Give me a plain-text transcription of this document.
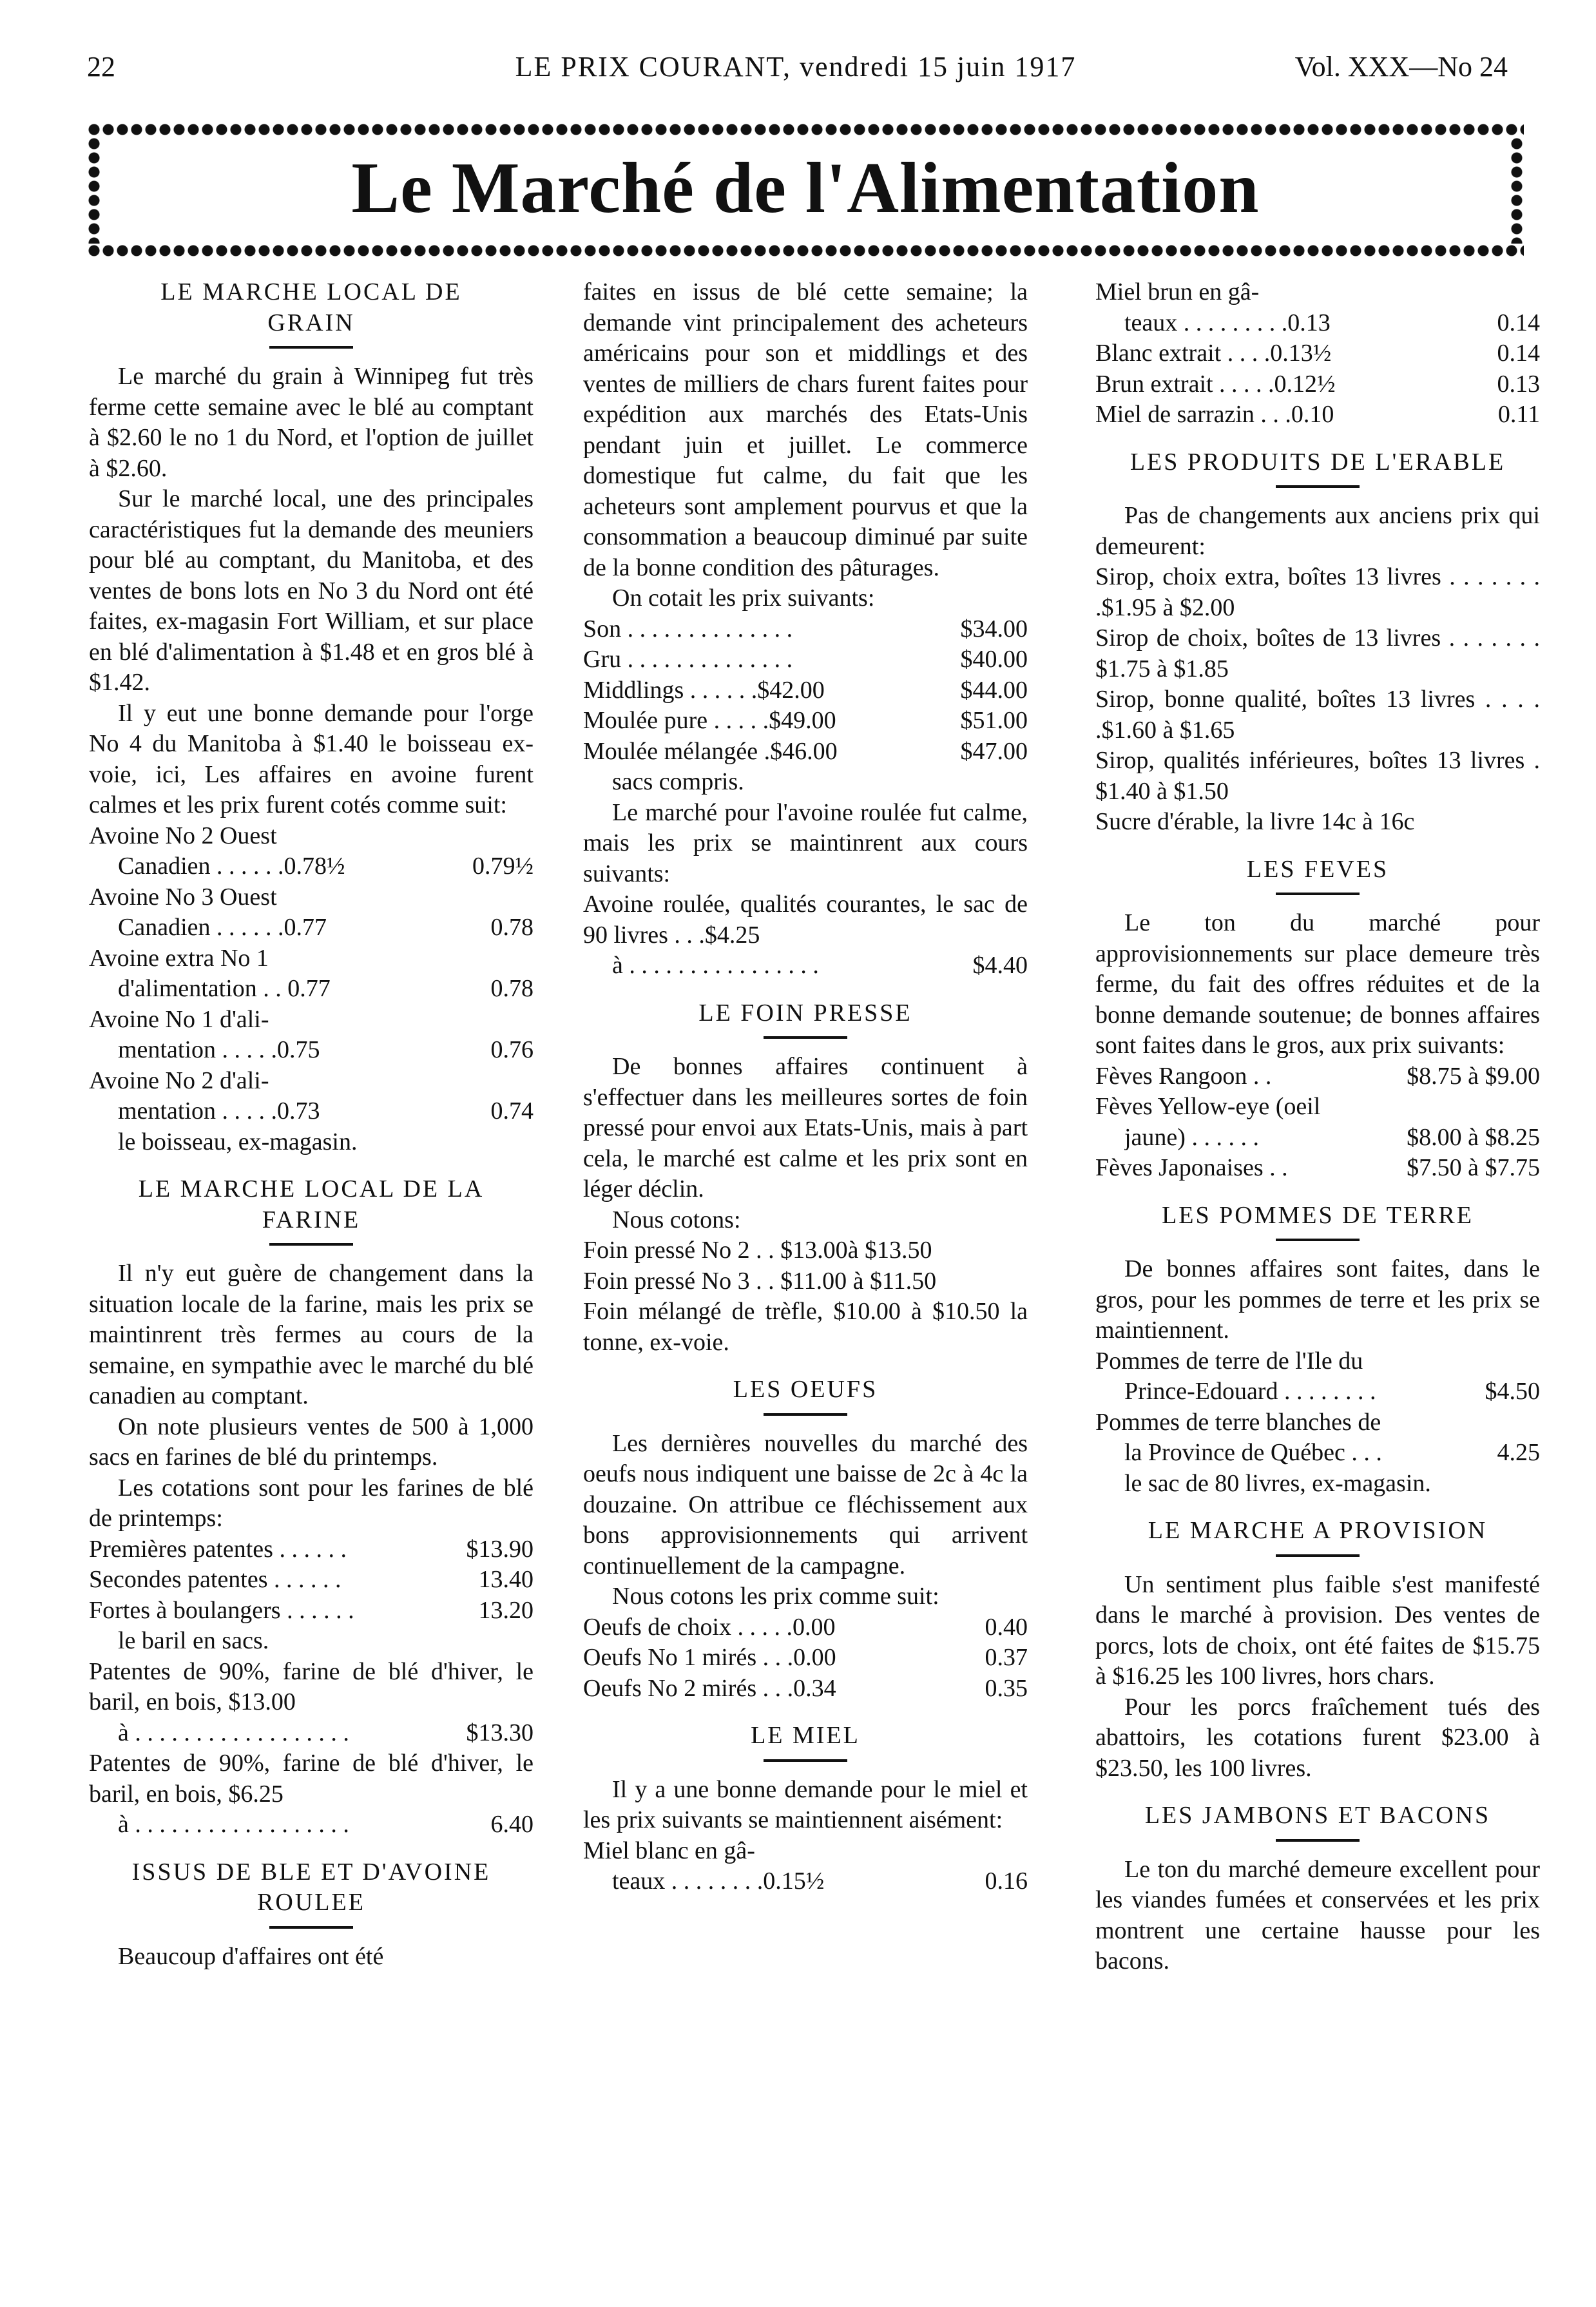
22	LE PRIX COURANT, vendredi 15 juin 1917	Vol. XXX—No 24
Le Marché de l'Alimentation

LE MARCHE LOCAL DE

GRAIN

Le marché du grain à Winnipeg fut très ferme cette semaine avec le blé au comptant à $2.60 le no 1 du Nord, et l'option de juillet à $2.60.

Sur le marché local, une des principales caractéristiques fut la demande des meuniers pour blé au comptant, du Manitoba, et des ventes de bons lots en No 3 du Nord ont été faites, ex-magasin Fort William, et sur place en blé d'alimentation à $1.48 et en gros blé à $1.42.

Il y eut une bonne demande pour l'orge No 4 du Manitoba à $1.40 le boisseau ex-voie, ici, Les affaires en avoine furent calmes et les prix furent cotés comme suit:

Avoine No 2 Ouest

Canadien . . . . . .0.78½	0.79½

Avoine No 3 Ouest

Canadien . . . . . .0.77	0.78

Avoine extra No 1

d'alimentation . . 0.77	0.78

Avoine No 1 d'ali-

mentation . . . . .0.75	0.76

Avoine No 2 d'ali-

mentation . . . . .0.73	0.74

le boisseau, ex-magasin.

LE MARCHE LOCAL DE LA

FARINE

Il n'y eut guère de changement dans la situation locale de la farine, mais les prix se maintinrent très fermes au cours de la semaine, en sympathie avec le marché du blé canadien au comptant.

On note plusieurs ventes de 500 à 1,000 sacs en farines de blé du printemps.

Les cotations sont pour les farines de blé de printemps:

Premières patentes . . . . . .	$13.90
Secondes patentes . . . . . .	13.40
Fortes à boulangers . . . . . .	13.20

le baril en sacs.

Patentes de 90%, farine de blé d'hiver, le baril, en bois, $13.00

à . . . . . . . . . . . . . . . . . .	$13.30

Patentes de 90%, farine de blé d'hiver, le baril, en bois, $6.25

à . . . . . . . . . . . . . . . . . .	6.40

ISSUS DE BLE ET D'AVOINE

ROULEE

Beaucoup d'affaires ont été

faites en issus de blé cette semaine; la demande vint principalement des acheteurs américains pour son et middlings et des ventes de milliers de chars furent faites pour expédition aux marchés des Etats-Unis pendant juin et juillet. Le commerce domestique fut calme, du fait que les acheteurs sont amplement pourvus et que la consommation a beaucoup diminué par suite de la bonne condition des pâturages.

On cotait les prix suivants:

Son . . . . . . . . . . . . . .	$34.00
Gru . . . . . . . . . . . . . .	$40.00
Middlings . . . . . .$42.00	$44.00
Moulée pure . . . . .$49.00	$51.00
Moulée mélangée .$46.00	$47.00

sacs compris.

Le marché pour l'avoine roulée fut calme, mais les prix se maintinrent aux cours suivants:

Avoine roulée, qualités courantes, le sac de 90 livres . . .$4.25

à . . . . . . . . . . . . . . . .	$4.40

LE FOIN PRESSE

De bonnes affaires continuent à s'effectuer dans les meilleures sortes de foin pressé pour envoi aux Etats-Unis, mais à part cela, le marché est calme et les prix sont en léger déclin.

Nous cotons:

Foin pressé No 2 . . $13.00à $13.50

Foin pressé No 3 . . $11.00 à $11.50

Foin mélangé de trèfle, $10.00 à $10.50 la tonne, ex-voie.

LES OEUFS

Les dernières nouvelles du marché des oeufs nous indiquent une baisse de 2c à 4c la douzaine. On attribue ce fléchissement aux bons approvisionnements qui arrivent continuellement de la campagne.

Nous cotons les prix comme suit:

Oeufs de choix . . . . .0.00	0.40
Oeufs No 1 mirés . . .0.00	0.37
Oeufs No 2 mirés . . .0.34	0.35

LE MIEL

Il y a une bonne demande pour le miel et les prix suivants se maintiennent aisément:

Miel blanc en gâ-

teaux . . . . . . . .0.15½	0.16

Miel brun en gâ-

teaux . . . . . . . . .0.13	0.14
Blanc extrait . . . .0.13½	0.14
Brun extrait . . . . .0.12½	0.13
Miel de sarrazin . . .0.10	0.11

LES PRODUITS DE L'ERABLE

Pas de changements aux anciens prix qui demeurent:

Sirop, choix extra, boîtes 13 livres . . . . . . . .$1.95 à $2.00

Sirop de choix, boîtes de 13 livres . . . . . . . $1.75 à $1.85

Sirop, bonne qualité, boîtes 13 livres . . . . .$1.60 à $1.65

Sirop, qualités inférieures, boîtes 13 livres . $1.40 à $1.50

Sucre d'érable, la livre 14c à 16c

LES FEVES

Le ton du marché pour approvisionnements sur place demeure très ferme, du fait des offres réduites et de la bonne demande soutenue; de bonnes affaires sont faites dans le gros, aux prix suivants:

Fèves Rangoon . .	$8.75 à $9.00

Fèves Yellow-eye (oeil

jaune) . . . . . .	$8.00 à $8.25
Fèves Japonaises . .	$7.50 à $7.75

LES POMMES DE TERRE

De bonnes affaires sont faites, dans le gros, pour les pommes de terre et les prix se maintiennent.

Pommes de terre de l'Ile du

Prince-Edouard . . . . . . . .	$4.50

Pommes de terre blanches de

la Province de Québec . . .	4.25

le sac de 80 livres, ex-magasin.

LE MARCHE A PROVISION

Un sentiment plus faible s'est manifesté dans le marché à provision. Des ventes de porcs, lots de choix, ont été faites de $15.75 à $16.25 les 100 livres, hors chars.

Pour les porcs fraîchement tués des abattoirs, les cotations furent $23.00 à $23.50, les 100 livres.

LES JAMBONS ET BACONS

Le ton du marché demeure excellent pour les viandes fumées et conservées et les prix montrent une certaine hausse pour les bacons.
